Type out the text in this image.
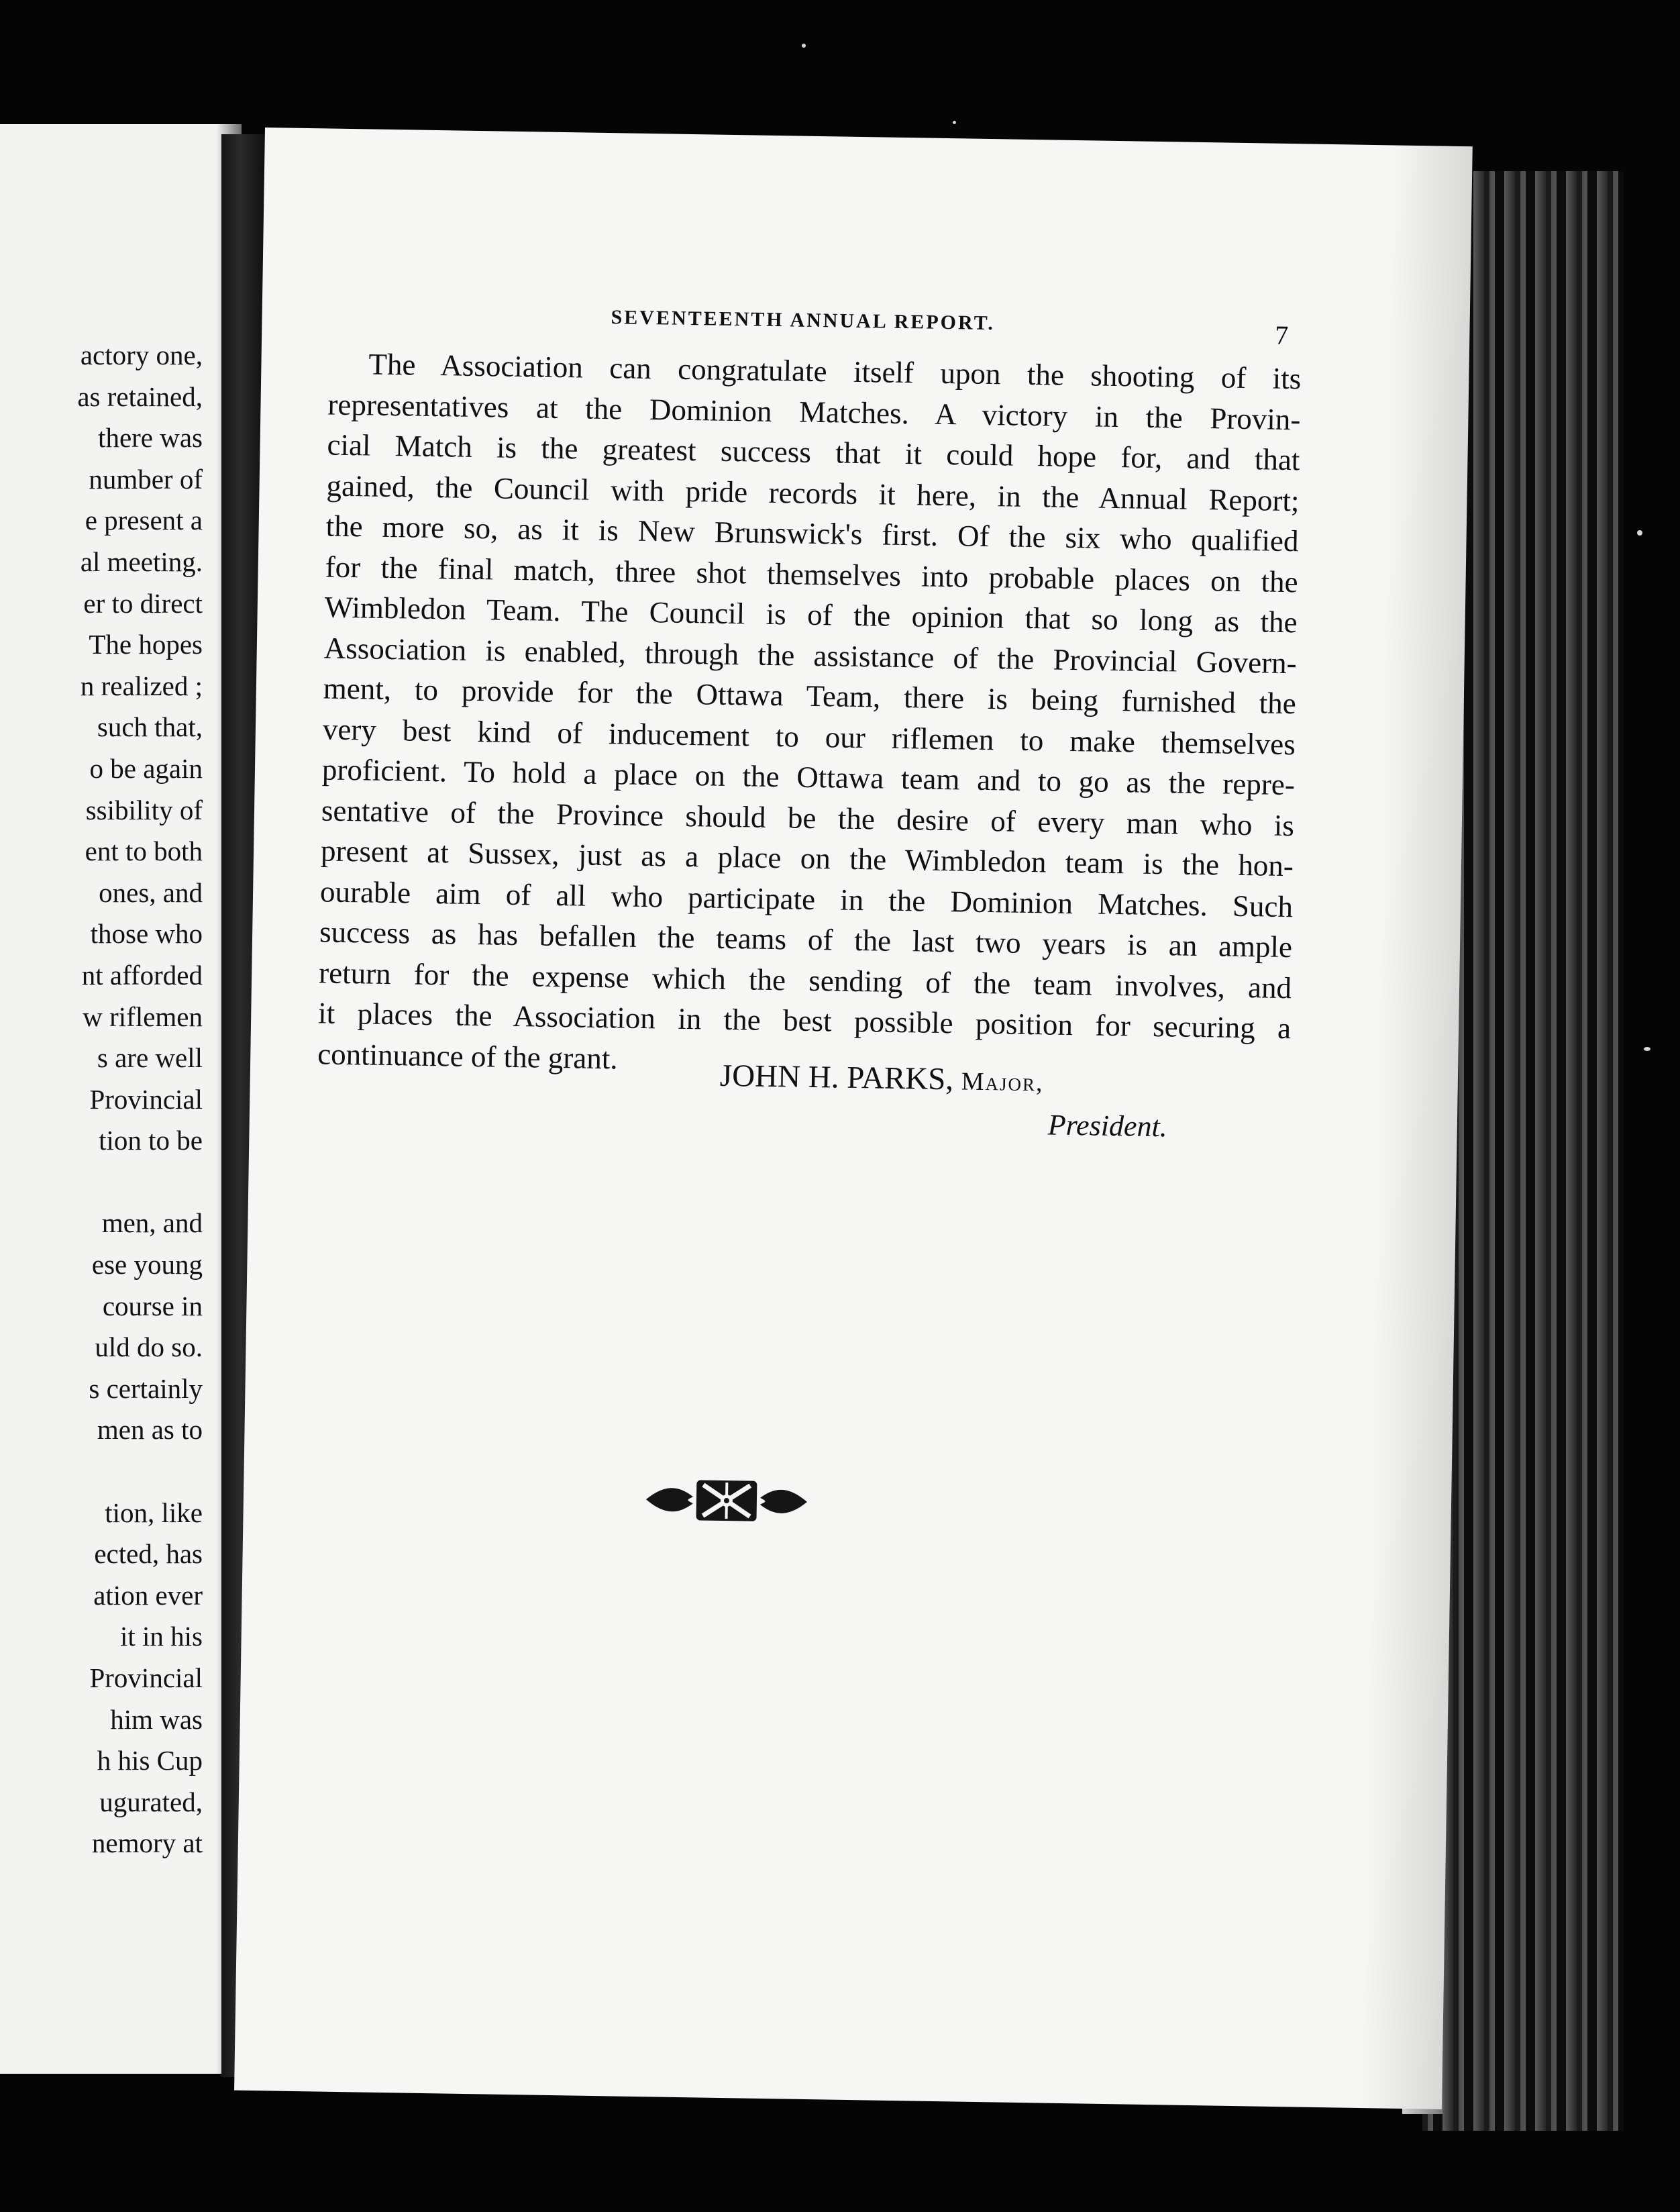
actory one,
as retained,
there was
number of
e present a
al meeting.
er to direct
The hopes
n realized ;
such that,
o be again
ssibility of
ent to both
ones, and
those who
nt afforded
w riflemen
s are well
Provincial
tion to be
men, and
ese young
course in
uld do so.
s certainly
men as to
tion, like
ected, has
ation ever
it in his
Provincial
him was
h his Cup
ugurated,
nemory at
SEVENTEENTH ANNUAL REPORT.	7
The Association can congratulate itself upon the shooting of its
representatives at the Dominion Matches. A victory in the Provin-
cial Match is the greatest success that it could hope for, and that
gained, the Council with pride records it here, in the Annual Report;
the more so, as it is New Brunswick's first. Of the six who qualified
for the final match, three shot themselves into probable places on the
Wimbledon Team. The Council is of the opinion that so long as the
Association is enabled, through the assistance of the Provincial Govern-
ment, to provide for the Ottawa Team, there is being furnished the
very best kind of inducement to our riflemen to make themselves
proficient. To hold a place on the Ottawa team and to go as the repre-
sentative of the Province should be the desire of every man who is
present at Sussex, just as a place on the Wimbledon team is the hon-
ourable aim of all who participate in the Dominion Matches. Such
success as has befallen the teams of the last two years is an ample
return for the expense which the sending of the team involves, and
it places the Association in the best possible position for securing a
continuance of the grant.
JOHN H. PARKS, Major,
President.
